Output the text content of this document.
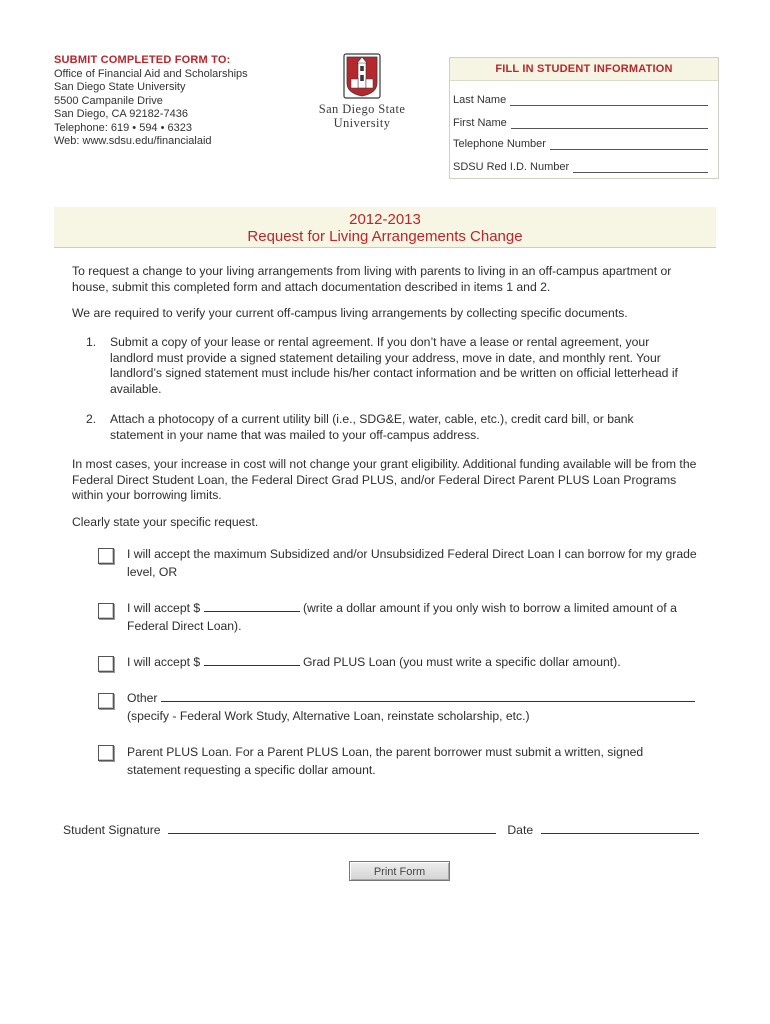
SUBMIT COMPLETED FORM TO:
Office of Financial Aid and Scholarships
San Diego State University
5500 Campanile Drive
San Diego, CA 92182-7436
Telephone: 619 • 594 • 6323
Web: www.sdsu.edu/financialaid
San Diego State
University
FILL IN STUDENT INFORMATION
Last Name
First Name
Telephone Number
SDSU Red I.D. Number
2012-2013
Request for Living Arrangements Change
To request a change to your living arrangements from living with parents to living in an off-campus apartment or house, submit this completed form and attach documentation described in items 1 and 2.
We are required to verify your current off-campus living arrangements by collecting specific documents.
1. Submit a copy of your lease or rental agreement. If you don’t have a lease or rental agreement, your landlord must provide a signed statement detailing your address, move in date, and monthly rent. Your landlord’s signed statement must include his/her contact information and be written on official letterhead if available.
2. Attach a photocopy of a current utility bill (i.e., SDG&E, water, cable, etc.), credit card bill, or bank statement in your name that was mailed to your off-campus address.
In most cases, your increase in cost will not change your grant eligibility. Additional funding available will be from the Federal Direct Student Loan, the Federal Direct Grad PLUS, and/or Federal Direct Parent PLUS Loan Programs within your borrowing limits.
Clearly state your specific request.
I will accept the maximum Subsidized and/or Unsubsidized Federal Direct Loan I can borrow for my grade level, OR
I will accept $	(write a dollar amount if you only wish to borrow a limited amount of a Federal Direct Loan).
I will accept $	Grad PLUS Loan (you must write a specific dollar amount).
Other
(specify - Federal Work Study, Alternative Loan, reinstate scholarship, etc.)
Parent PLUS Loan. For a Parent PLUS Loan, the parent borrower must submit a written, signed statement requesting a specific dollar amount.
Student Signature	Date
Print Form
